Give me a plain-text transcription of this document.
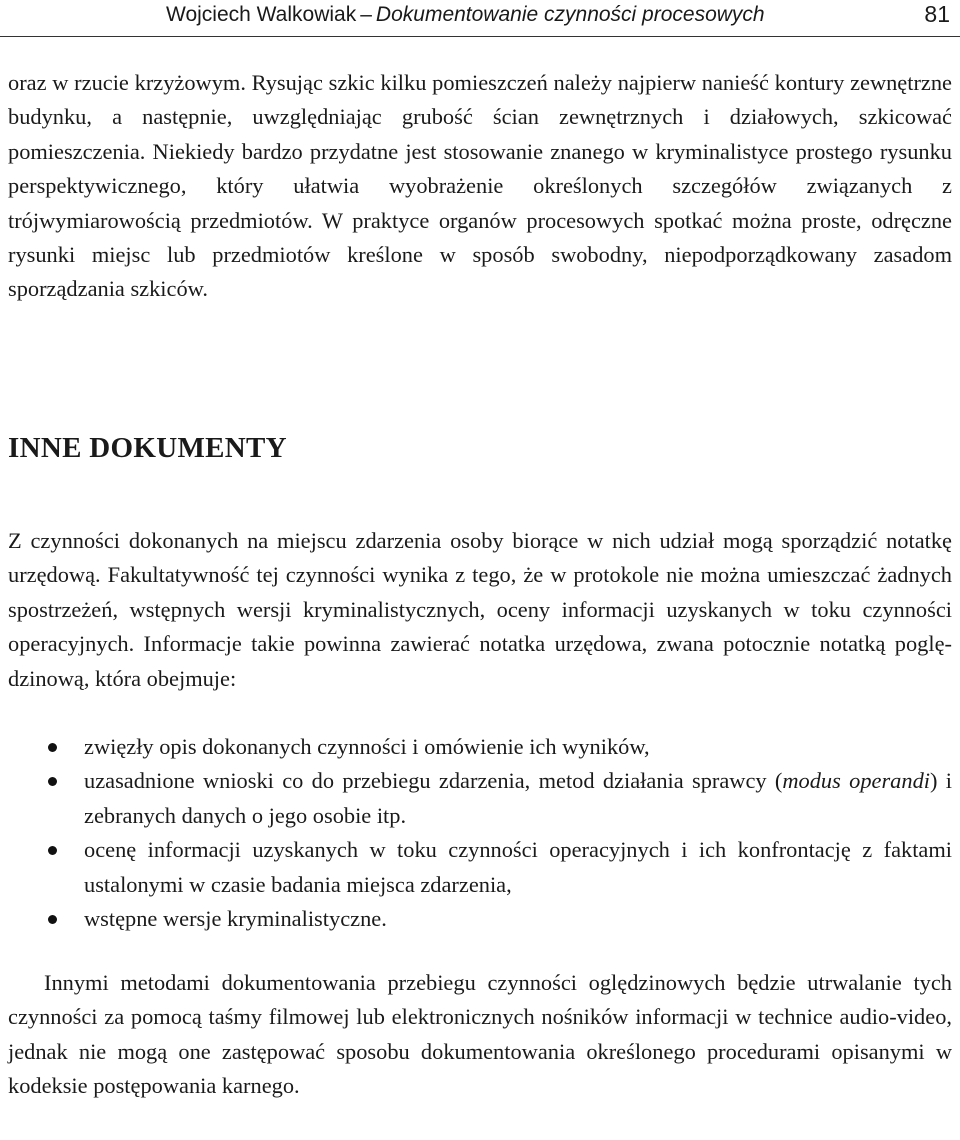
Wojciech Walkowiak – Dokumentowanie czynności procesowych	81

oraz w rzucie krzyżowym. Rysując szkic kilku pomieszczeń należy najpierw nanieść kontury zewnętrzne budynku, a następnie, uwzględniając grubość ścian zewnętrznych i działowych, szkicować pomieszczenia. Niekiedy bardzo przydatne jest stosowanie znanego w kryminalistyce prostego rysunku perspektywicznego, który ułatwia wyobrażenie określonych szczegółów związanych z trójwymiarowością przedmiotów. W praktyce organów procesowych spotkać można proste, odręczne rysunki miejsc lub przedmiotów kreślone w sposób swobodny, niepodporządkowany zasadom sporządzania szkiców.

INNE DOKUMENTY

Z czynności dokonanych na miejscu zdarzenia osoby biorące w nich udział mogą sporządzić notatkę urzędową. Fakultatywność tej czynności wynika z tego, że w protokole nie można umieszczać żadnych spostrzeżeń, wstępnych wersji kryminalistycznych, oceny informacji uzyskanych w toku czynności operacyjnych. Informacje takie powinna zawierać notatka urzędowa, zwana potocznie notatką poględzinową, która obejmuje:

zwięzły opis dokonanych czynności i omówienie ich wyników,
uzasadnione wnioski co do przebiegu zdarzenia, metod działania sprawcy (modus operandi) i zebranych danych o jego osobie itp.
ocenę informacji uzyskanych w toku czynności operacyjnych i ich konfrontację z faktami ustalonymi w czasie badania miejsca zdarzenia,
wstępne wersje kryminalistyczne.

Innymi metodami dokumentowania przebiegu czynności oględzinowych będzie utrwalanie tych czynności za pomocą taśmy filmowej lub elektronicznych nośników informacji w technice audio-video, jednak nie mogą one zastępować sposobu dokumentowania określonego procedurami opisanymi w kodeksie postępowania karnego.
